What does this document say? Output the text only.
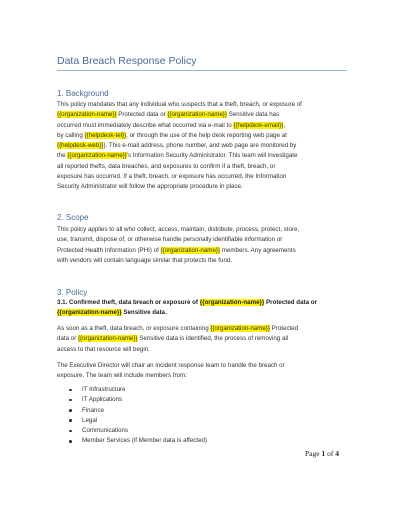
Data Breach Response Policy
1. Background
This policy mandates that any individual who suspects that a theft, breach, or exposure of
{{organization-name}} Protected data or {{organization-name}} Sensitive data has
occurred must immediately describe what occurred via e-mail to {{helpdesk-email}},
by calling {{helpdesk-tel}}, or through the use of the help desk reporting web page at
{{helpdesk-web}}}. This e-mail address, phone number, and web page are monitored by
the {{organization-name}}'s Information Security Administrator. This team will investigate
all reported thefts, data breaches, and exposures to confirm if a theft, breach, or
exposure has occurred. If a theft, breach, or exposure has occurred, the Information
Security Administrator will follow the appropriate procedure in place.
2. Scope
This policy applies to all who collect, access, maintain, distribute, process, protect, store,
use, transmit, dispose of, or otherwise handle personally identifiable information or
Protected Health Information (PHI) of {{organization-name}} members. Any agreements
with vendors will contain language similar that protects the fund.
3. Policy
3.1. Confirmed theft, data breach or exposure of {{organization-name}} Protected data or
{{organization-name}} Sensitive data.
As soon as a theft, data breach, or exposure containing {{organization-name}} Protected
data or {{organization-name}} Sensitive data is identified, the process of removing all
access to that resource will begin.
The Executive Director will chair an incident response team to handle the breach or
exposure. The team will include members from:
IT Infrastructure
IT Applications
Finance
Legal
Communications
Member Services (if Member data is affected)
Page 1 of 4
